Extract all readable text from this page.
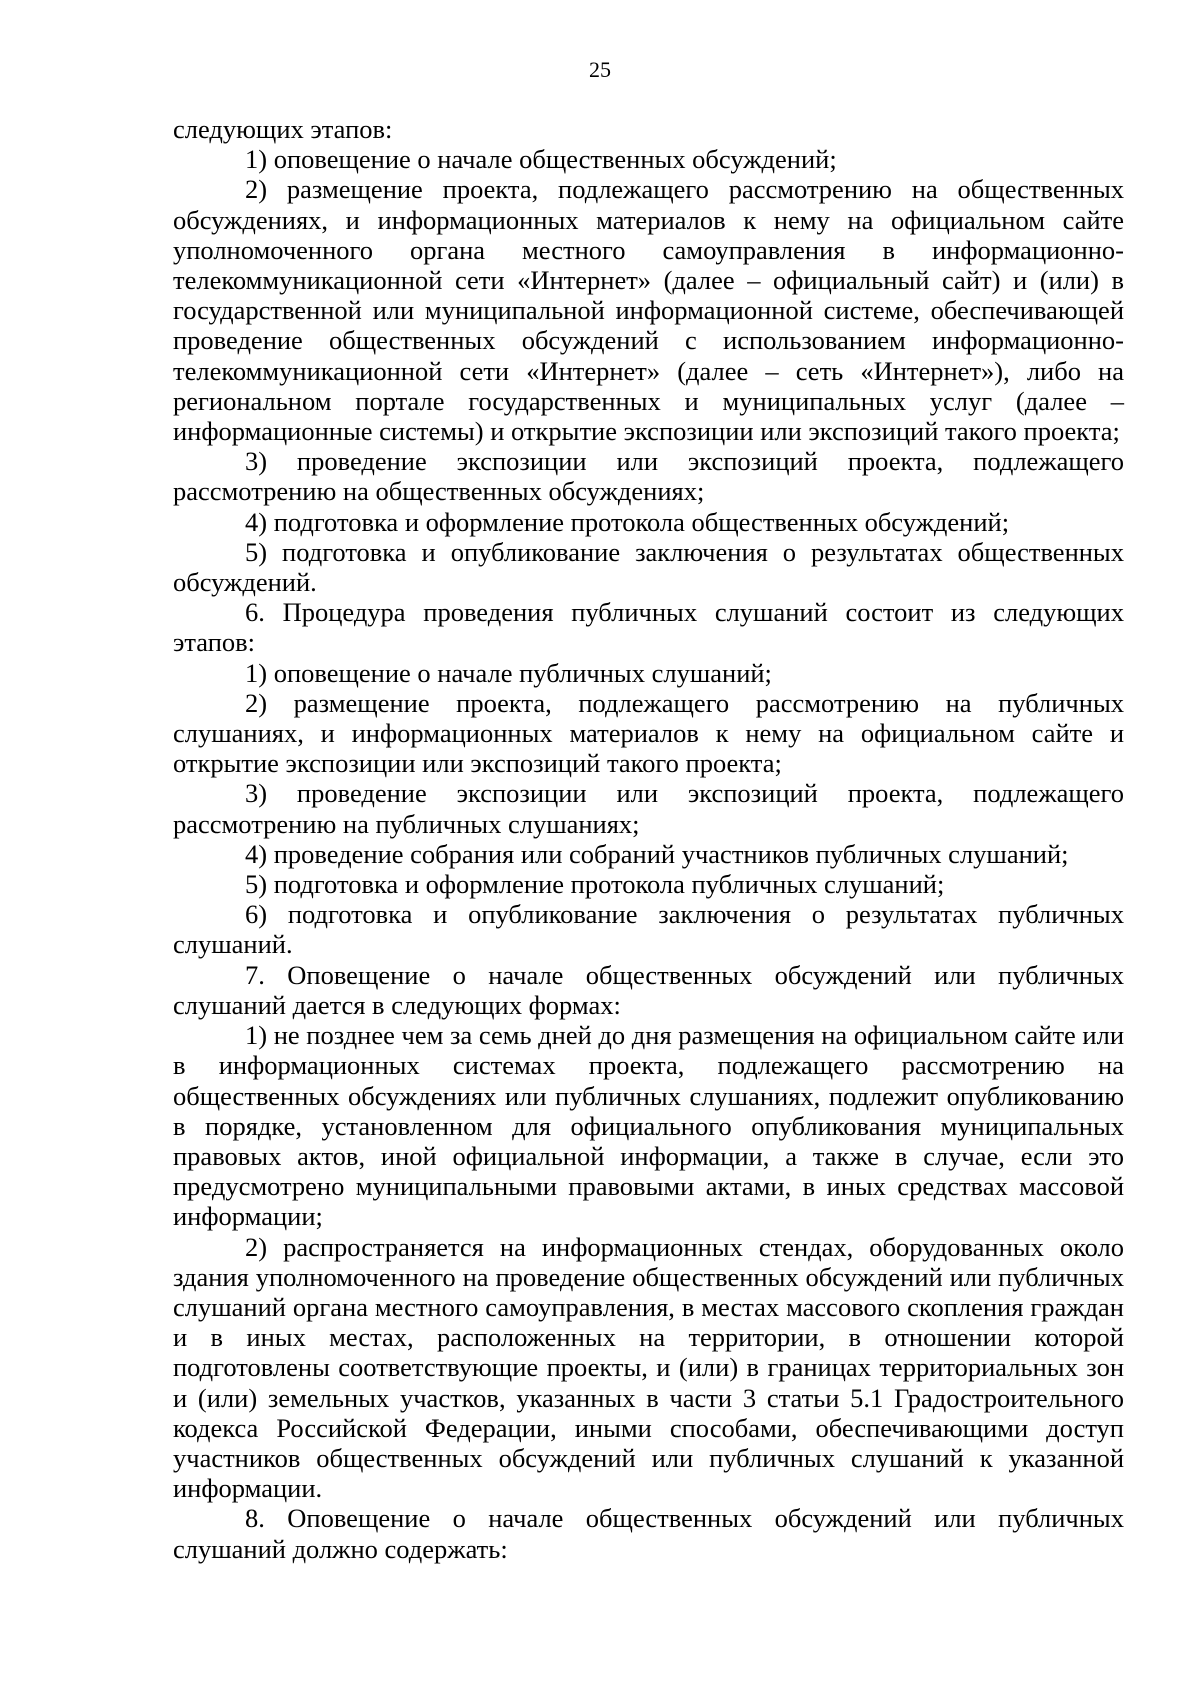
25

следующих этапов:

1) оповещение о начале общественных обсуждений;

2) размещение проекта, подлежащего рассмотрению на общественных обсуждениях, и информационных материалов к нему на официальном сайте уполномоченного органа местного самоуправления в информационно-телекоммуникационной сети «Интернет» (далее – официальный сайт) и (или) в государственной или муниципальной информационной системе, обеспечивающей проведение общественных обсуждений с использованием информационно-телекоммуникационной сети «Интернет» (далее – сеть «Интернет»), либо на региональном портале государственных и муниципальных услуг (далее – информационные системы) и открытие экспозиции или экспозиций такого проекта;

3) проведение экспозиции или экспозиций проекта, подлежащего рассмотрению на общественных обсуждениях;

4) подготовка и оформление протокола общественных обсуждений;

5) подготовка и опубликование заключения о результатах общественных обсуждений.

6. Процедура проведения публичных слушаний состоит из следующих этапов:

1) оповещение о начале публичных слушаний;

2) размещение проекта, подлежащего рассмотрению на публичных слушаниях, и информационных материалов к нему на официальном сайте и открытие экспозиции или экспозиций такого проекта;

3) проведение экспозиции или экспозиций проекта, подлежащего рассмотрению на публичных слушаниях;

4) проведение собрания или собраний участников публичных слушаний;

5) подготовка и оформление протокола публичных слушаний;

6) подготовка и опубликование заключения о результатах публичных слушаний.

7. Оповещение о начале общественных обсуждений или публичных слушаний дается в следующих формах:

1) не позднее чем за семь дней до дня размещения на официальном сайте или в информационных системах проекта, подлежащего рассмотрению на общественных обсуждениях или публичных слушаниях, подлежит опубликованию в порядке, установленном для официального опубликования муниципальных правовых актов, иной официальной информации, а также в случае, если это предусмотрено муниципальными правовыми актами, в иных средствах массовой информации;

2) распространяется на информационных стендах, оборудованных около здания уполномоченного на проведение общественных обсуждений или публичных слушаний органа местного самоуправления, в местах массового скопления граждан и в иных местах, расположенных на территории, в отношении которой подготовлены соответствующие проекты, и (или) в границах территориальных зон и (или) земельных участков, указанных в части 3 статьи 5.1 Градостроительного кодекса Российской Федерации, иными способами, обеспечивающими доступ участников общественных обсуждений или публичных слушаний к указанной информации.

8. Оповещение о начале общественных обсуждений или публичных слушаний должно содержать:
